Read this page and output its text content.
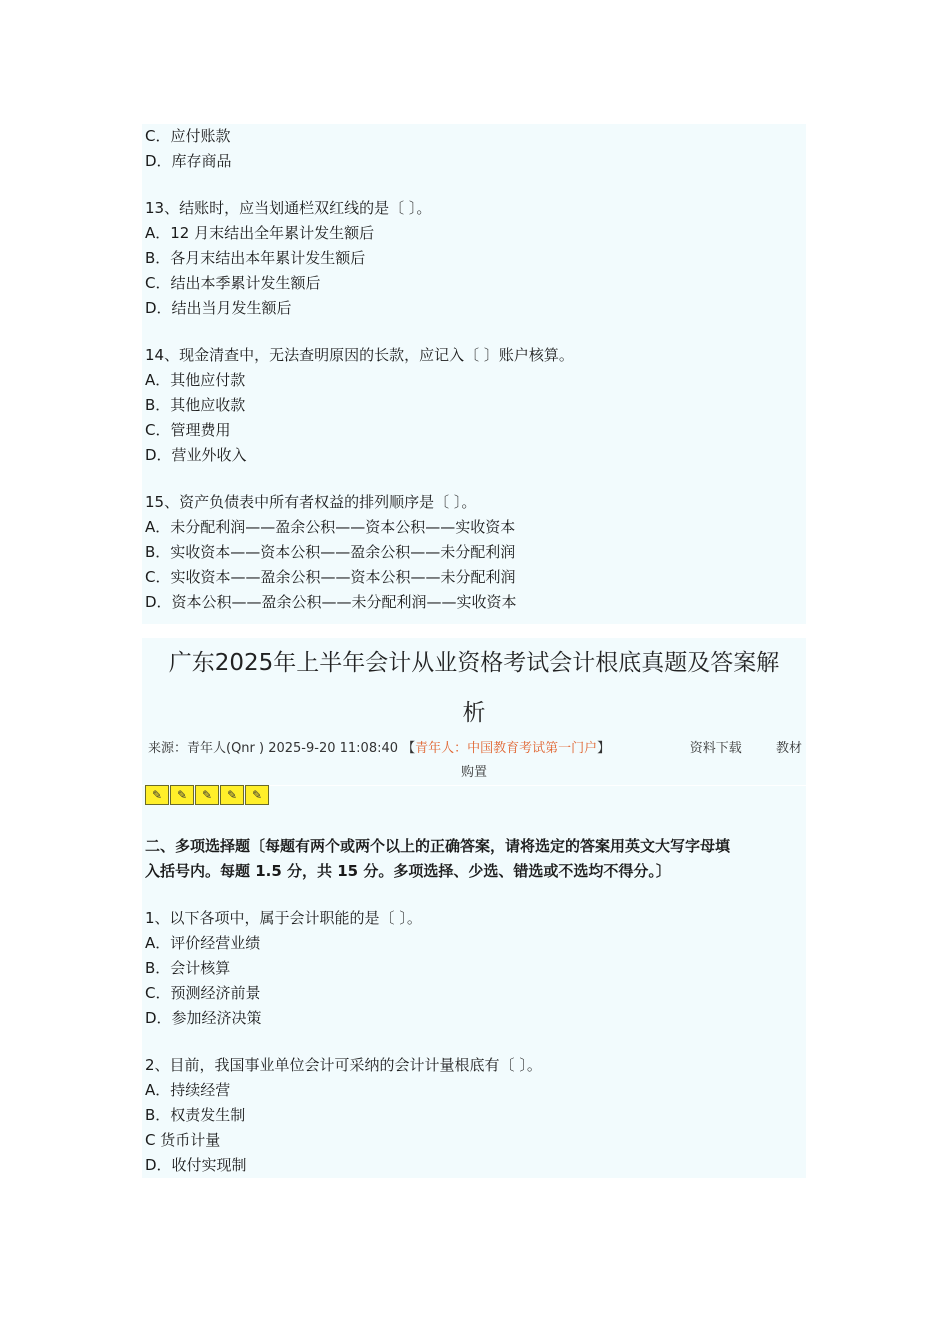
C．应付账款
D．库存商品
13、结账时，应当划通栏双红线的是〔 〕。
A．12 月末结出全年累计发生额后
B．各月末结出本年累计发生额后
C．结出本季累计发生额后
D．结出当月发生额后
14、现金清查中，无法查明原因的长款，应记入〔 〕账户核算。
A．其他应付款
B．其他应收款
C．管理费用
D．营业外收入
15、资产负债表中所有者权益的排列顺序是〔 〕。
A．未分配利润——盈余公积——资本公积——实收资本
B．实收资本——资本公积——盈余公积——未分配利润
C．实收资本——盈余公积——资本公积——未分配利润
D．资本公积——盈余公积——未分配利润——实收资本
广东2025年上半年会计从业资格考试会计根底真题及答案解
析
来源：青年人(Qnr ) 2025-9-20 11:08:40 【青年人：中国教育考试第一门户】	资料下载	教材
购置
✎	✎	✎	✎	✎
二、多项选择题〔每题有两个或两个以上的正确答案，请将选定的答案用英文大写字母填
入括号内。每题 1.5 分，共 15 分。多项选择、少选、错选或不选均不得分。〕
1、以下各项中，属于会计职能的是〔 〕。
A．评价经营业绩
B．会计核算
C．预测经济前景
D．参加经济决策
2、目前，我国事业单位会计可采纳的会计计量根底有〔 〕。
A．持续经营
B．权责发生制
C 货币计量
D．收付实现制
